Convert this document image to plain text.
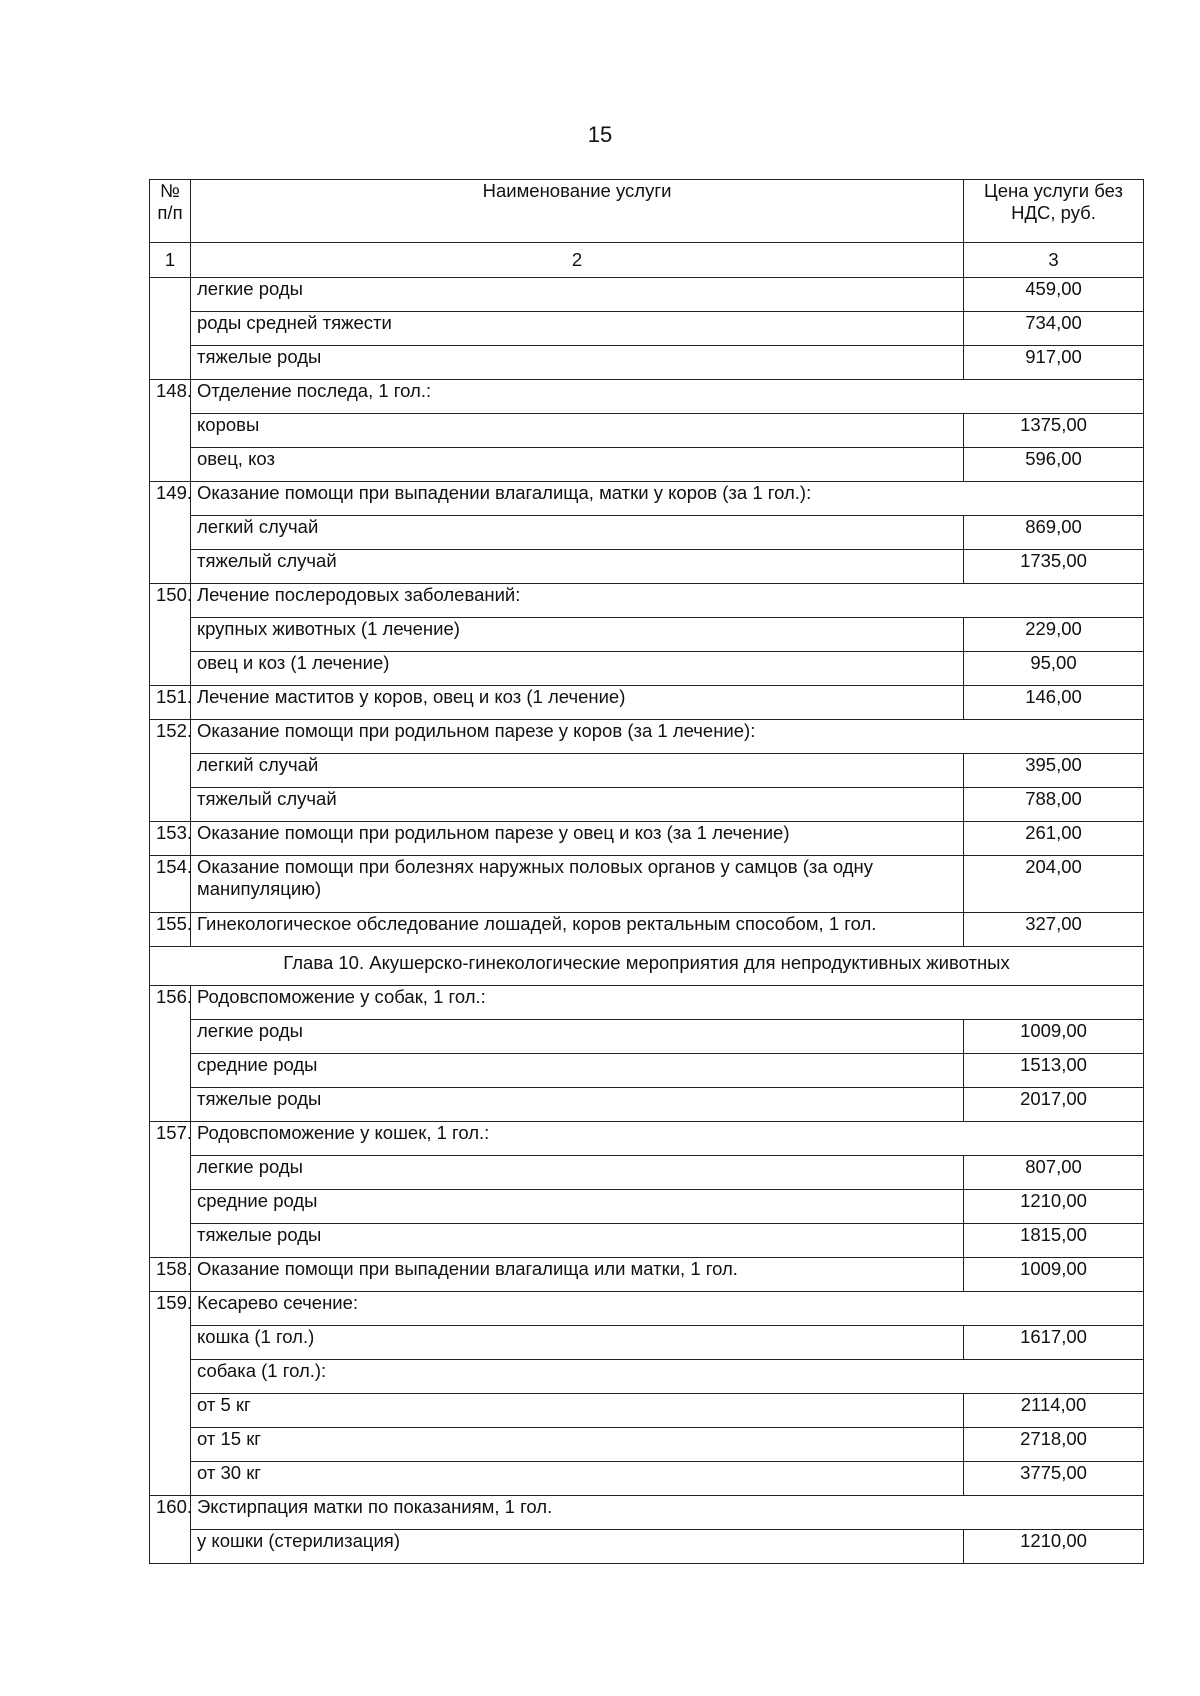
15
№ п/п	Наименование услуги	Цена услуги без НДС, руб.
1	2	3
	легкие роды	459,00
	роды средней тяжести	734,00
	тяжелые роды	917,00
148.	Отделение последа, 1 гол.:	
	коровы	1375,00
	овец, коз	596,00
149.	Оказание помощи при выпадении влагалища, матки у коров (за 1 гол.):	
	легкий случай	869,00
	тяжелый случай	1735,00
150.	Лечение послеродовых заболеваний:	
	крупных животных (1 лечение)	229,00
	овец и коз (1 лечение)	95,00
151.	Лечение маститов у коров, овец и коз (1 лечение)	146,00
152.	Оказание помощи при родильном парезе у коров (за 1 лечение):	
	легкий случай	395,00
	тяжелый случай	788,00
153.	Оказание помощи при родильном парезе у овец и коз (за 1 лечение)	261,00
154.	Оказание помощи при болезнях наружных половых органов у самцов (за одну манипуляцию)	204,00
155.	Гинекологическое обследование лошадей, коров ректальным способом, 1 гол.	327,00
Глава 10. Акушерско-гинекологические мероприятия для непродуктивных животных		
156.	Родовспоможение у собак, 1 гол.:	
	легкие роды	1009,00
	средние роды	1513,00
	тяжелые роды	2017,00
157.	Родовспоможение у кошек, 1 гол.:	
	легкие роды	807,00
	средние роды	1210,00
	тяжелые роды	1815,00
158.	Оказание помощи при выпадении влагалища или матки, 1 гол.	1009,00
159.	Кесарево сечение:	
	кошка (1 гол.)	1617,00
	собака (1 гол.):	
	от 5 кг	2114,00
	от 15 кг	2718,00
	от 30 кг	3775,00
160.	Экстирпация матки по показаниям, 1 гол.	
	у кошки (стерилизация)	1210,00
